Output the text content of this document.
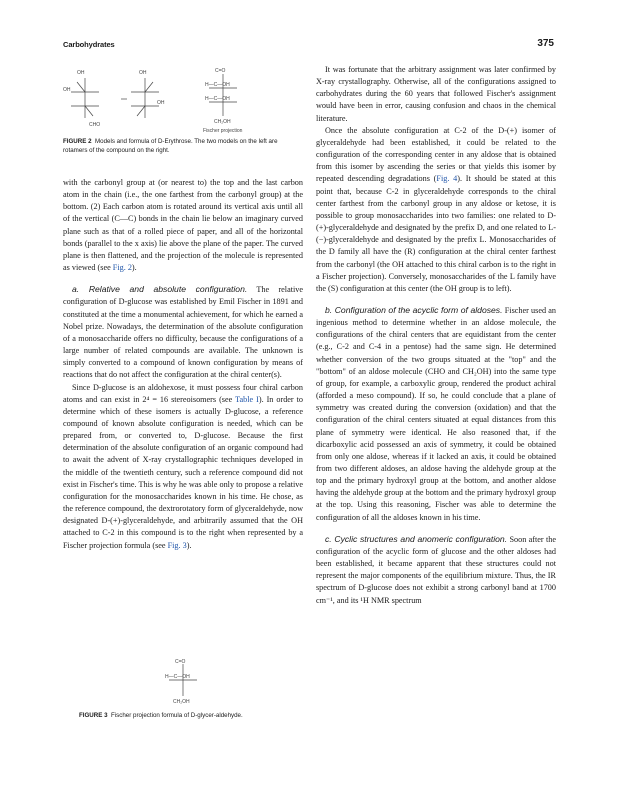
Carbohydrates	375
OH
OH
CHO
OH
OH
C=O
H—C—OH
H—C—OH
CH₂OH
Fischer projection
FIGURE 2 Models and formula of D-Erythrose. The two models on the left are rotamers of the compound on the right.

with the carbonyl group at (or nearest to) the top and the last carbon atom in the chain (i.e., the one farthest from the carbonyl group) at the bottom. (2) Each carbon atom is rotated around its vertical axis until all of the vertical (C—C) bonds in the chain lie below an imaginary curved plane such as that of a rolled piece of paper, and all of the horizontal bonds (parallel to the x axis) lie above the plane of the paper. The curved plane is then flattened, and the projection of the molecule is represented as viewed (see Fig. 2).

a. Relative and absolute configuration. The relative configuration of D-glucose was established by Emil Fischer in 1891 and constituted at the time a monumental achievement, for which he earned a Nobel prize. Nowadays, the determination of the absolute configuration of a monosaccharide offers no difficulty, because the configurations of a large number of related compounds are available. The unknown is simply converted to a compound of known configuration by means of reactions that do not affect the configuration at the chiral center(s).

Since D-glucose is an aldohexose, it must possess four chiral carbon atoms and can exist in 2⁴ = 16 stereoisomers (see Table I). In order to determine which of these isomers is actually D-glucose, a reference compound of known absolute configuration is needed, which can be prepared from, or converted to, D-glucose. Because the first determination of the absolute configuration of an organic compound had to await the advent of X-ray crystallographic techniques developed in the middle of the twentieth century, such a reference compound did not exist in Fischer's time. This is why he was able only to propose a relative configuration for the monosaccharides known in his time. He chose, as the reference compound, the dextrorotatory form of glyceraldehyde, now designated D-(+)-glyceraldehyde, and arbitrarily assumed that the OH attached to C-2 in this compound is to the right when represented by a Fischer projection formula (see Fig. 3).

C=O
H—C—OH
CH₂OH
FIGURE 3 Fischer projection formula of D-glycer-aldehyde.

It was fortunate that the arbitrary assignment was later confirmed by X-ray crystallography. Otherwise, all of the configurations assigned to carbohydrates during the 60 years that followed Fischer's assignment would have been in error, causing confusion and chaos in the chemical literature.

Once the absolute configuration at C-2 of the D-(+) isomer of glyceraldehyde had been established, it could be related to the configuration of the corresponding center in any aldose that is obtained from this isomer by ascending the series or that yields this isomer by repeated descending degradations (Fig. 4). It should be stated at this point that, because C-2 in glyceraldehyde corresponds to the chiral center farthest from the carbonyl group in any aldose or ketose, it is possible to group monosaccharides into two families: one related to D-(+)-glyceraldehyde and designated by the prefix D, and one related to L-(−)-glyceraldehyde and designated by the prefix L. Monosaccharides of the D family all have the (R) configuration at the chiral center farthest from the carbonyl (the OH attached to this chiral carbon is to the right in a Fischer projection). Conversely, monosaccharides of the L family have the (S) configuration at this center (the OH group is to left).

b. Configuration of the acyclic form of aldoses. Fischer used an ingenious method to determine whether in an aldose molecule, the configurations of the chiral centers that are equidistant from the center (e.g., C-2 and C-4 in a pentose) had the same sign. He determined whether conversion of the two groups situated at the "top" and the "bottom" of an aldose molecule (CHO and CH₂OH) into the same type of group, for example, a carboxylic group, rendered the product achiral (afforded a meso compound). If so, he could conclude that a plane of symmetry was created during the conversion (oxidation) and that the configuration of the chiral centers situated at equal distances from this plane of symmetry were identical. He also reasoned that, if the dicarboxylic acid possessed an axis of symmetry, it could be obtained from only one aldose, whereas if it lacked an axis, it could be obtained from two different aldoses, an aldose having the aldehyde group at the top and the primary hydroxyl group at the bottom, and another aldose having the aldehyde group at the bottom and the primary hydroxyl group at the top. Using this reasoning, Fischer was able to determine the configuration of all the aldoses known in his time.

c. Cyclic structures and anomeric configuration. Soon after the configuration of the acyclic form of glucose and the other aldoses had been established, it became apparent that these structures could not represent the major components of the equilibrium mixture. Thus, the IR spectrum of D-glucose does not exhibit a strong carbonyl band at 1700 cm⁻¹, and its ¹H NMR spectrum
